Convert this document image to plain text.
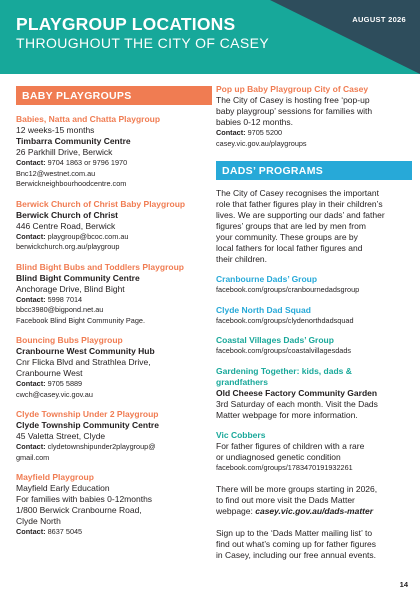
PLAYGROUP LOCATIONS
THROUGHOUT THE CITY OF CASEY
AUGUST 2026
BABY PLAYGROUPS
Babies, Natta and Chatta Playgroup
12 weeks-15 months
Timbarra Community Centre
26 Parkhill Drive, Berwick
Contact: 9704 1863 or 9796 1970
Bnc12@westnet.com.au
Berwickneighbourhoodcentre.com
Berwick Church of Christ Baby Playgroup
Berwick Church of Christ
446 Centre Road, Berwick
Contact: playgroup@bcoc.com.au
berwickchurch.org.au/playgroup
Blind Bight Bubs and Toddlers Playgroup
Blind Bight Community Centre
Anchorage Drive, Blind Bight
Contact: 5998 7014
bbcc3980@bigpond.net.au
Facebook Blind Bight Community Page.
Bouncing Bubs Playgroup
Cranbourne West Community Hub
Cnr Flicka Blvd and Strathlea Drive,
Cranbourne West
Contact: 9705 5889
cwch@casey.vic.gov.au
Clyde Township Under 2 Playgroup
Clyde Township Community Centre
45 Valetta Street, Clyde
Contact: clydetownshipunder2playgroup@
gmail.com
Mayfield Playgroup
Mayfield Early Education
For families with babies 0-12months
1/800 Berwick Cranbourne Road,
Clyde North
Contact: 8637 5045
Pop up Baby Playgroup City of Casey
The City of Casey is hosting free ‘pop-up
baby playgroup’ sessions for families with
babies 0-12 months.
Contact: 9705 5200
casey.vic.gov.au/playgroups
DADS’ PROGRAMS
The City of Casey recognises the important
role that father figures play in their children’s
lives. We are supporting our dads’ and father
figures’ groups that are led by men from
your community. These groups are by
local fathers for local father figures and
their children.
Cranbourne Dads’ Group
facebook.com/groups/cranbournedadsgroup
Clyde North Dad Squad
facebook.com/groups/clydenorthdadsquad
Coastal Villages Dads’ Group
facebook.com/groups/coastalvillagesdads
Gardening Together: kids, dads &
grandfathers
Old Cheese Factory Community Garden
3rd Saturday of each month. Visit the Dads
Matter webpage for more information.
Vic Cobbers
For father figures of children with a rare
or undiagnosed genetic condition
facebook.com/groups/1783470191932261
There will be more groups starting in 2026,
to find out more visit the Dads Matter
webpage: casey.vic.gov.au/dads-matter
Sign up to the ‘Dads Matter mailing list’ to
find out what’s coming up for father figures
in Casey, including our free annual events.
14
